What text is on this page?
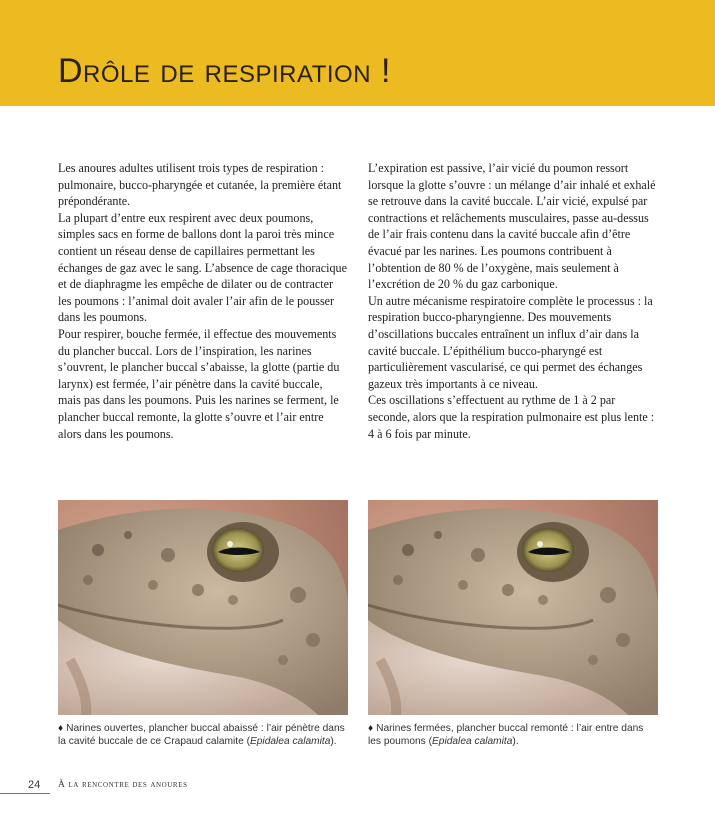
Drôle de respiration !

Les anoures adultes utilisent trois types de respiration : pulmonaire, bucco-pharyngée et cutanée, la première étant prépondérante.

La plupart d’entre eux respirent avec deux poumons, simples sacs en forme de ballons dont la paroi très mince contient un réseau dense de capillaires permettant les échanges de gaz avec le sang. L’absence de cage thoracique et de diaphragme les empêche de dilater ou de contracter les poumons : l’animal doit avaler l’air afin de le pousser dans les poumons.

Pour respirer, bouche fermée, il effectue des mouvements du plancher buccal. Lors de l’inspiration, les narines s’ouvrent, le plancher buccal s’abaisse, la glotte (partie du larynx) est fermée, l’air pénètre dans la cavité buccale, mais pas dans les poumons. Puis les narines se ferment, le plancher buccal remonte, la glotte s’ouvre et l’air entre alors dans les poumons.

L’expiration est passive, l’air vicié du poumon ressort lorsque la glotte s’ouvre : un mélange d’air inhalé et exhalé se retrouve dans la cavité buccale. L’air vicié, expulsé par contractions et relâchements musculaires, passe au-dessus de l’air frais contenu dans la cavité buccale afin d’être évacué par les narines. Les poumons contribuent à l’obtention de 80 % de l’oxygène, mais seulement à l’excrétion de 20 % du gaz carbonique.

Un autre mécanisme respiratoire complète le processus : la respiration bucco-pharyngienne. Des mouvements d’oscillations buccales entraînent un influx d’air dans la cavité buccale. L’épithélium bucco-pharyngé est particulièrement vascularisé, ce qui permet des échanges gazeux très importants à ce niveau.

Ces oscillations s’effectuent au rythme de 1 à 2 par seconde, alors que la respiration pulmonaire est plus lente : 4 à 6 fois par minute.

♦ Narines ouvertes, plancher buccal abaissé : l’air pénètre dans la cavité buccale de ce Crapaud calamite (Epidalea calamita).
♦ Narines fermées, plancher buccal remonté : l’air entre dans les poumons (Epidalea calamita).
24 À la rencontre des anoures
